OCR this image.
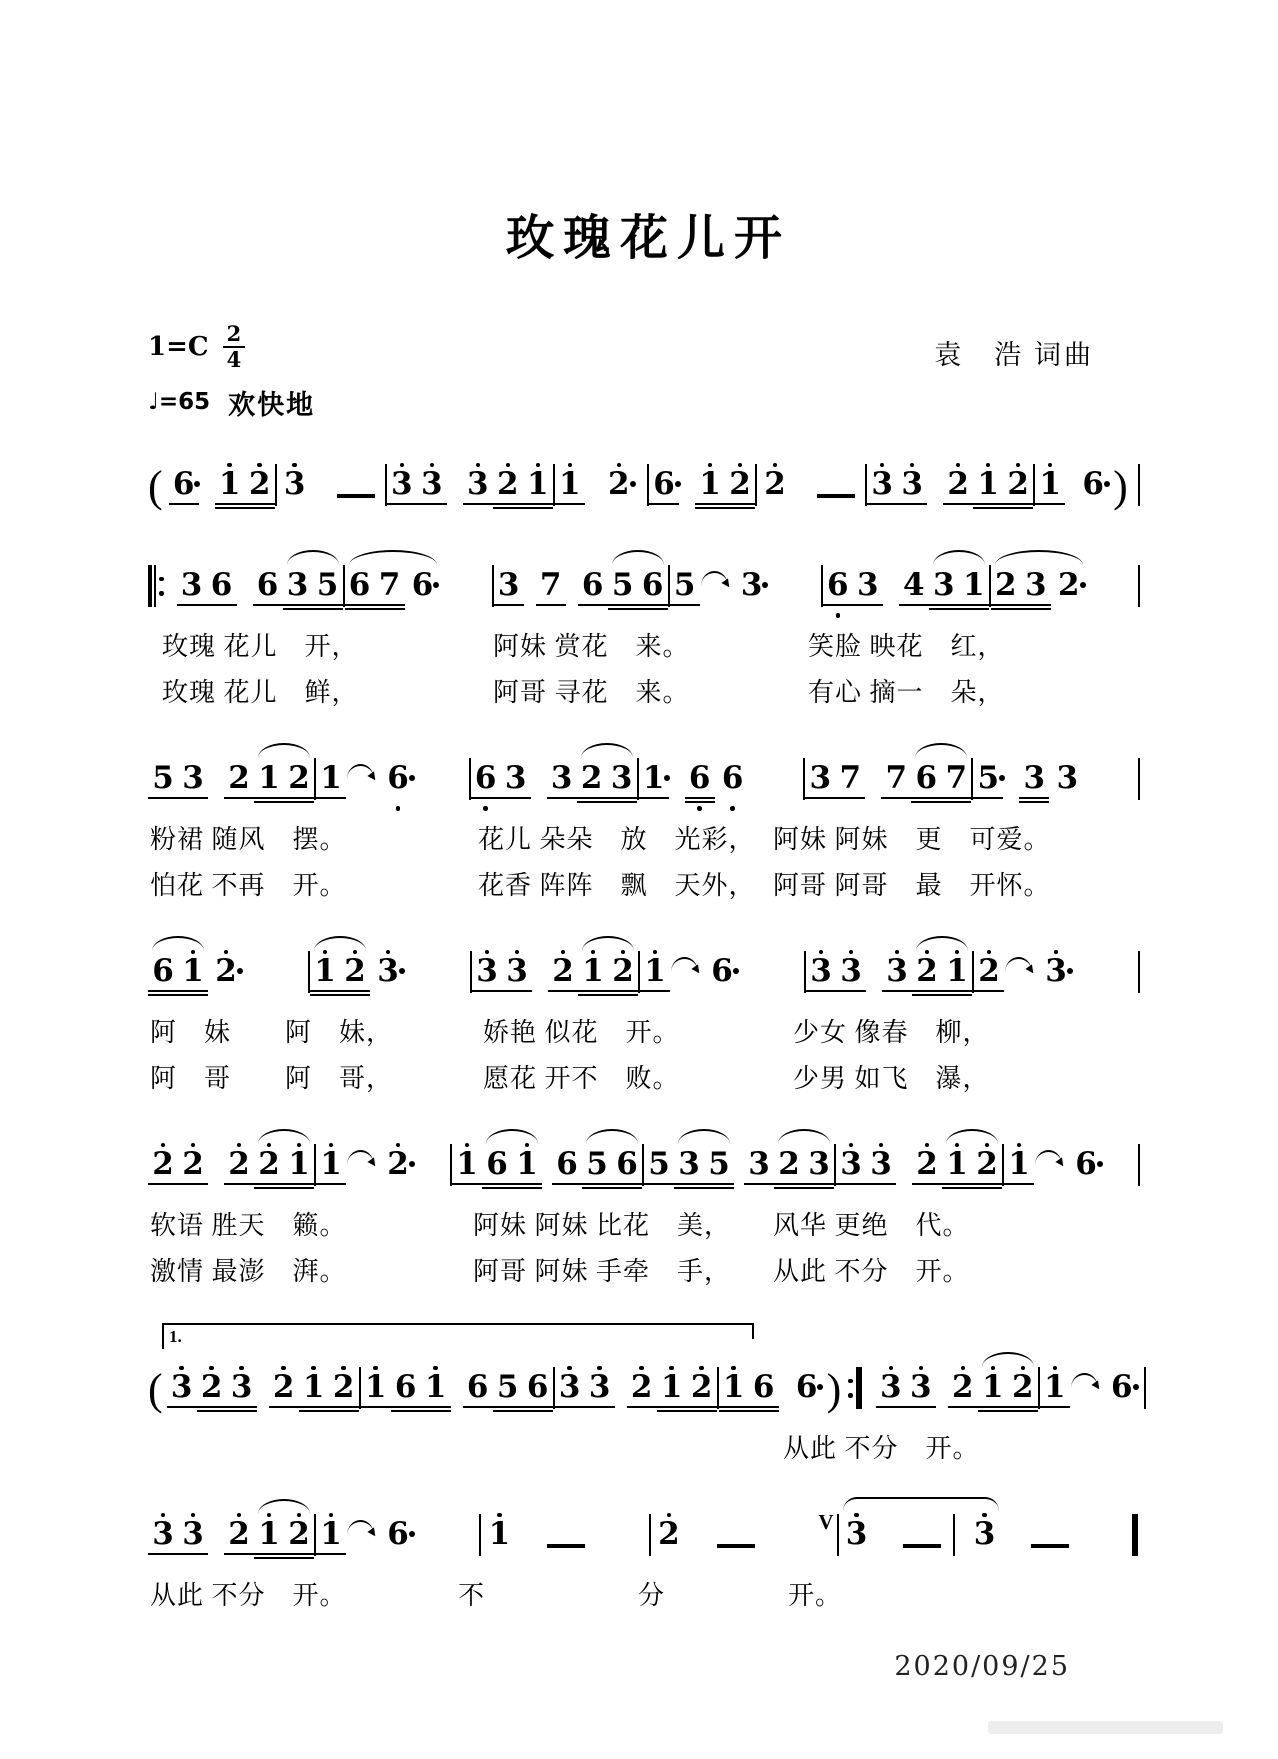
玫瑰花儿开
$1=C \frac{2}{4}$	袁　浩 词曲
♩=65 欢快地
( 6 1 2 3	3 3 3 2 1 1 2 6 1 2 2	3 3 2 1 2 1 6 )
3 6 6 3 5 6 7 6 3 7 6 5 6 5 3 6 3 4 3 1 2 3 2
玫瑰 花儿　开，	阿妹 赏花　来。	笑脸 映花　红，
玫瑰 花儿　鲜，	阿哥 寻花　来。	有心 摘一　朵，
5 3 2 1 2 1 6 6 3 3 2 3 1 6 6 3 7 7 6 7 5 3 3
粉裙 随风　摆。	花儿 朵朵　放　光彩， 阿妹 阿妹　更　可爱。
怕花 不再　开。	花香 阵阵　飘　天外， 阿哥 阿哥　最　开怀。
6 1 2 1 2 3 3 3 2 1 2 1 6 3 3 3 2 1 2 3
阿　妹　　阿　妹，	娇艳 似花　开。	少女 像春　柳，
阿　哥　　阿　哥，	愿花 开不　败。	少男 如飞　瀑，
2 2 2 2 1 1 2 1 6 1 6 5 6 5 3 5 3 2 3 3 3 2 1 2 1 6
软语 胜天　籁。	阿妹 阿妹 比花　美， 风华 更绝　代。
激情 最澎　湃。	阿哥 阿妹 手牵　手， 从此 不分　开。
1.
( 3 2 3 2 1 2 1 6 1 6 5 6 3 3 2 1 2 1 6 6 ) 3 3 2 1 2 1 6
从此 不分　开。
3 3 2 1 2 1 6	1	2	V 3	3
从此 不分　开。	不	分	开。
2020/09/25
